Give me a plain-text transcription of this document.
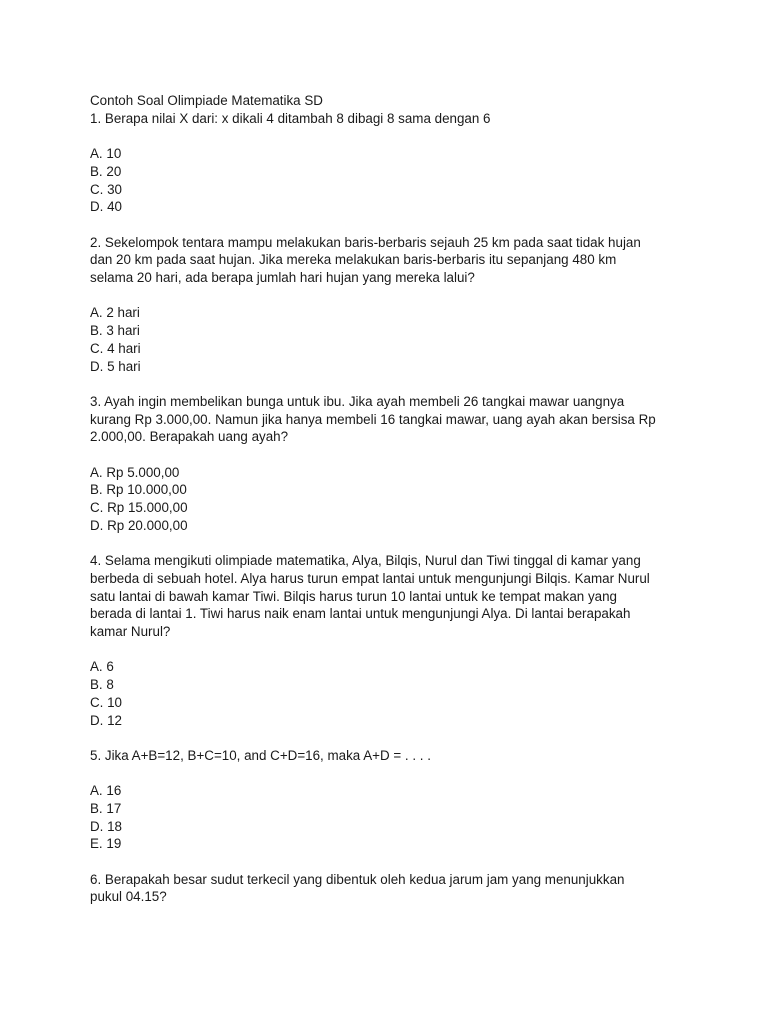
Contoh Soal Olimpiade Matematika SD
1. Berapa nilai X dari: x dikali 4 ditambah 8 dibagi 8 sama dengan 6
A. 10
B. 20
C. 30
D. 40
2. Sekelompok tentara mampu melakukan baris-berbaris sejauh 25 km pada saat tidak hujan
dan 20 km pada saat hujan. Jika mereka melakukan baris-berbaris itu sepanjang 480 km
selama 20 hari, ada berapa jumlah hari hujan yang mereka lalui?
A. 2 hari
B. 3 hari
C. 4 hari
D. 5 hari
3. Ayah ingin membelikan bunga untuk ibu. Jika ayah membeli 26 tangkai mawar uangnya
kurang Rp 3.000,00. Namun jika hanya membeli 16 tangkai mawar, uang ayah akan bersisa Rp
2.000,00. Berapakah uang ayah?
A. Rp 5.000,00
B. Rp 10.000,00
C. Rp 15.000,00
D. Rp 20.000,00
4. Selama mengikuti olimpiade matematika, Alya, Bilqis, Nurul dan Tiwi tinggal di kamar yang
berbeda di sebuah hotel. Alya harus turun empat lantai untuk mengunjungi Bilqis. Kamar Nurul
satu lantai di bawah kamar Tiwi. Bilqis harus turun 10 lantai untuk ke tempat makan yang
berada di lantai 1. Tiwi harus naik enam lantai untuk mengunjungi Alya. Di lantai berapakah
kamar Nurul?
A. 6
B. 8
C. 10
D. 12
5. Jika A+B=12, B+C=10, and C+D=16, maka A+D = . . . .
A. 16
B. 17
D. 18
E. 19
6. Berapakah besar sudut terkecil yang dibentuk oleh kedua jarum jam yang menunjukkan
pukul 04.15?
